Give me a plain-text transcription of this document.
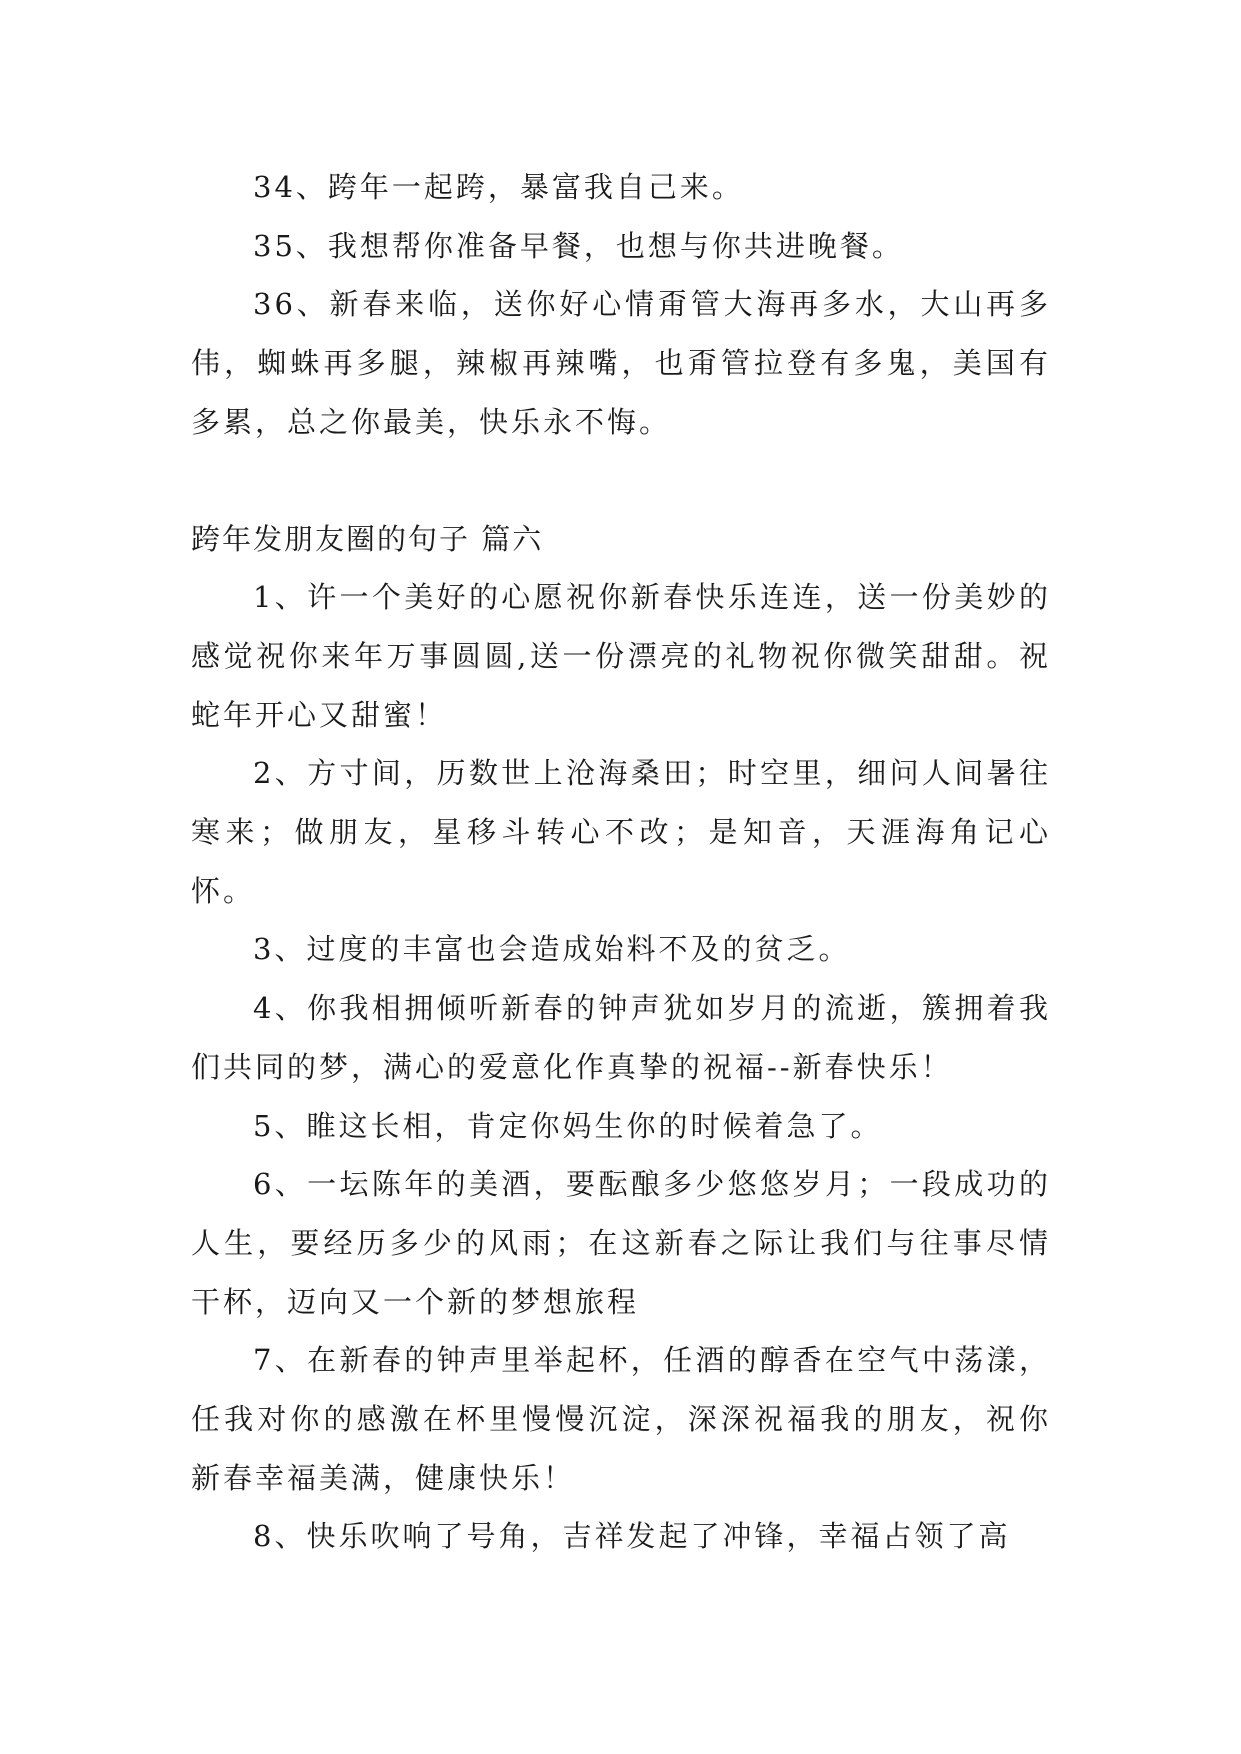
34、跨年一起跨，暴富我自己来。

35、我想帮你准备早餐，也想与你共进晚餐。

36、新春来临，送你好心情甭管大海再多水，大山再多伟，蜘蛛再多腿，辣椒再辣嘴，也甭管拉登有多鬼，美国有多累，总之你最美，快乐永不悔。

跨年发朋友圈的句子 篇六

1、许一个美好的心愿祝你新春快乐连连，送一份美妙的感觉祝你来年万事圆圆,送一份漂亮的礼物祝你微笑甜甜。祝蛇年开心又甜蜜！

2、方寸间，历数世上沧海桑田；时空里，细问人间暑往寒来；做朋友，星移斗转心不改；是知音，天涯海角记心怀。

3、过度的丰富也会造成始料不及的贫乏。

4、你我相拥倾听新春的钟声犹如岁月的流逝，簇拥着我们共同的梦，满心的爱意化作真挚的祝福--新春快乐！

5、睢这长相，肯定你妈生你的时候着急了。

6、一坛陈年的美酒，要酝酿多少悠悠岁月；一段成功的人生，要经历多少的风雨；在这新春之际让我们与往事尽情干杯，迈向又一个新的梦想旅程

7、在新春的钟声里举起杯，任酒的醇香在空气中荡漾，任我对你的感激在杯里慢慢沉淀，深深祝福我的朋友，祝你新春幸福美满，健康快乐！

8、快乐吹响了号角，吉祥发起了冲锋，幸福占领了高
